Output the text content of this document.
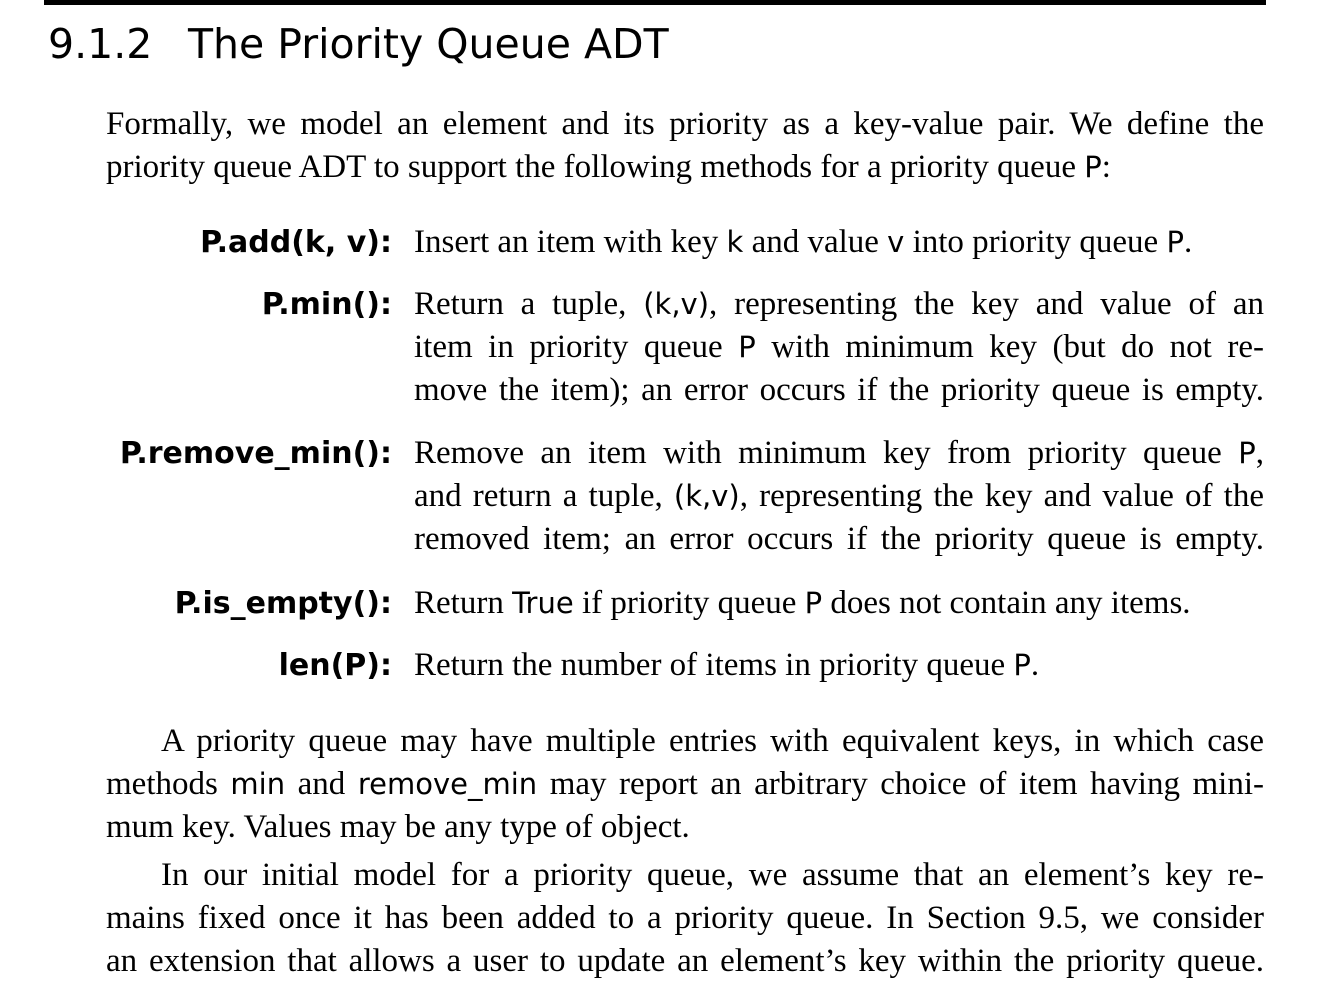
9.1.2 The Priority Queue ADT

Formally, we model an element and its priority as a key-value pair. We define the

priority queue ADT to support the following methods for a priority queue P:

P.add(k, v): Insert an item with key k and value v into priority queue P.
P.min(): Return a tuple, (k,v), representing the key and value of an
item in priority queue P with minimum key (but do not re-
move the item); an error occurs if the priority queue is empty.
P.remove_min(): Remove an item with minimum key from priority queue P,
and return a tuple, (k,v), representing the key and value of the
removed item; an error occurs if the priority queue is empty.
P.is_empty(): Return True if priority queue P does not contain any items.
len(P): Return the number of items in priority queue P.
A priority queue may have multiple entries with equivalent keys, in which case
methods min and remove_min may report an arbitrary choice of item having mini-
mum key. Values may be any type of object.
In our initial model for a priority queue, we assume that an element’s key re-
mains fixed once it has been added to a priority queue. In Section 9.5, we consider
an extension that allows a user to update an element’s key within the priority queue.
